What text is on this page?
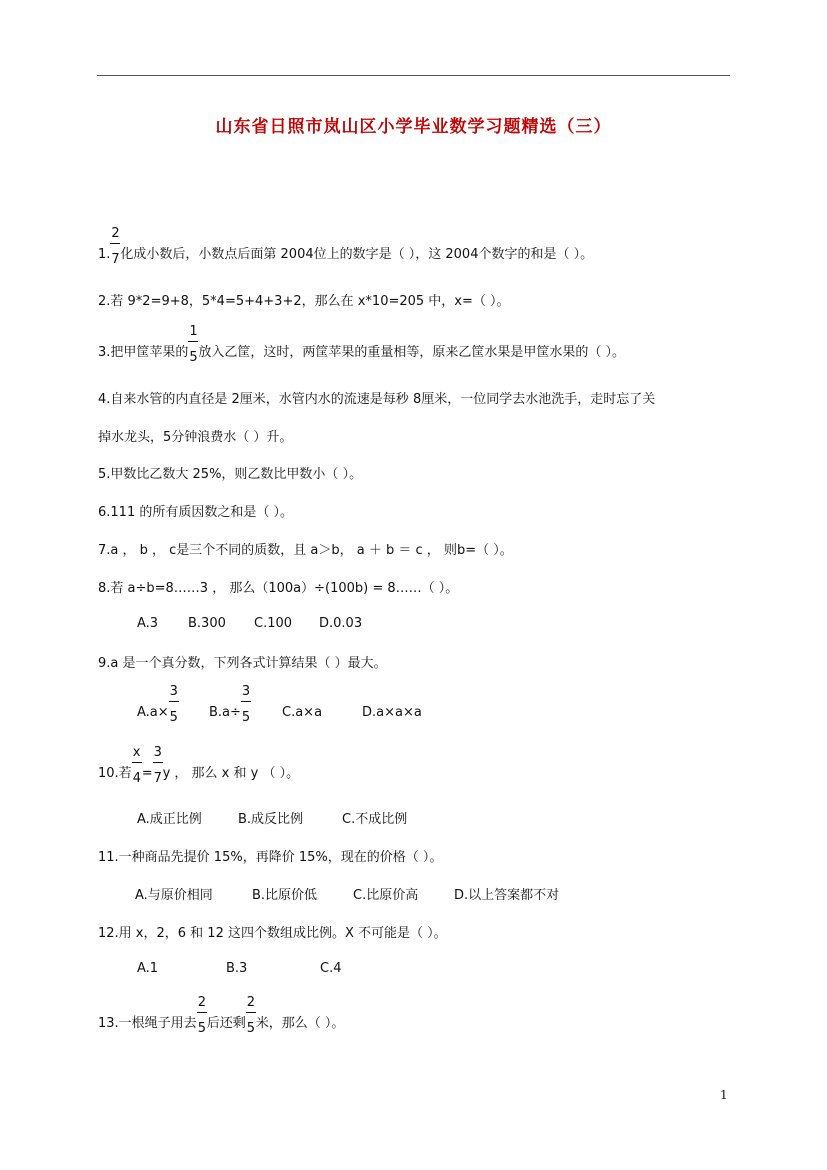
山东省日照市岚山区小学毕业数学习题精选（三）
1. $\frac{2}{7}$ 化成小数后，小数点后面第 2004位上的数字是（ ），这 2004个数字的和是（ ）。
2.若 9*2=9+8，5*4=5+4+3+2，那么在 x*10=205 中，x=（ ）。
3.把甲筐苹果的 $\frac{1}{5}$ 放入乙筐，这时，两筐苹果的重量相等，原来乙筐水果是甲筐水果的（ ）。
4.自来水管的内直径是 2厘米，水管内水的流速是每秒 8厘米，一位同学去水池洗手，走时忘了关
掉水龙头，5分钟浪费水（ ）升。
5.甲数比乙数大 25%，则乙数比甲数小（ ）。
6.111 的所有质因数之和是（ ）。
7.a ， b ， c是三个不同的质数，且 a＞b， a ＋ b ＝ c ， 则b=（ ）。
8.若 a÷b=8……3 ， 那么（100a）÷(100b) = 8……（ ）。
A.3 B.300 C.100 D.0.03
9.a 是一个真分数，下列各式计算结果（ ）最大。
$A.a\times \frac{3}{5} B.a\div \frac{3}{5} C.a\times a$	D.a×a×a
10.若 $\frac{x}{4} = \frac{3}{7}$ y ， 那么 x 和 y （ ）。
A.成正比例	B.成反比例	C.不成比例
11.一种商品先提价 15%，再降价 15%，现在的价格（ ）。
A.与原价相同	B.比原价低	C.比原价高	D.以上答案都不对
12.用 x，2，6 和 12 这四个数组成比例。X 不可能是（ ）。
A.1	B.3	C.4
13.一根绳子用去 $\frac{2}{5}$ 后还剩 $\frac{2}{5}$ 米，那么（ ）。
1
